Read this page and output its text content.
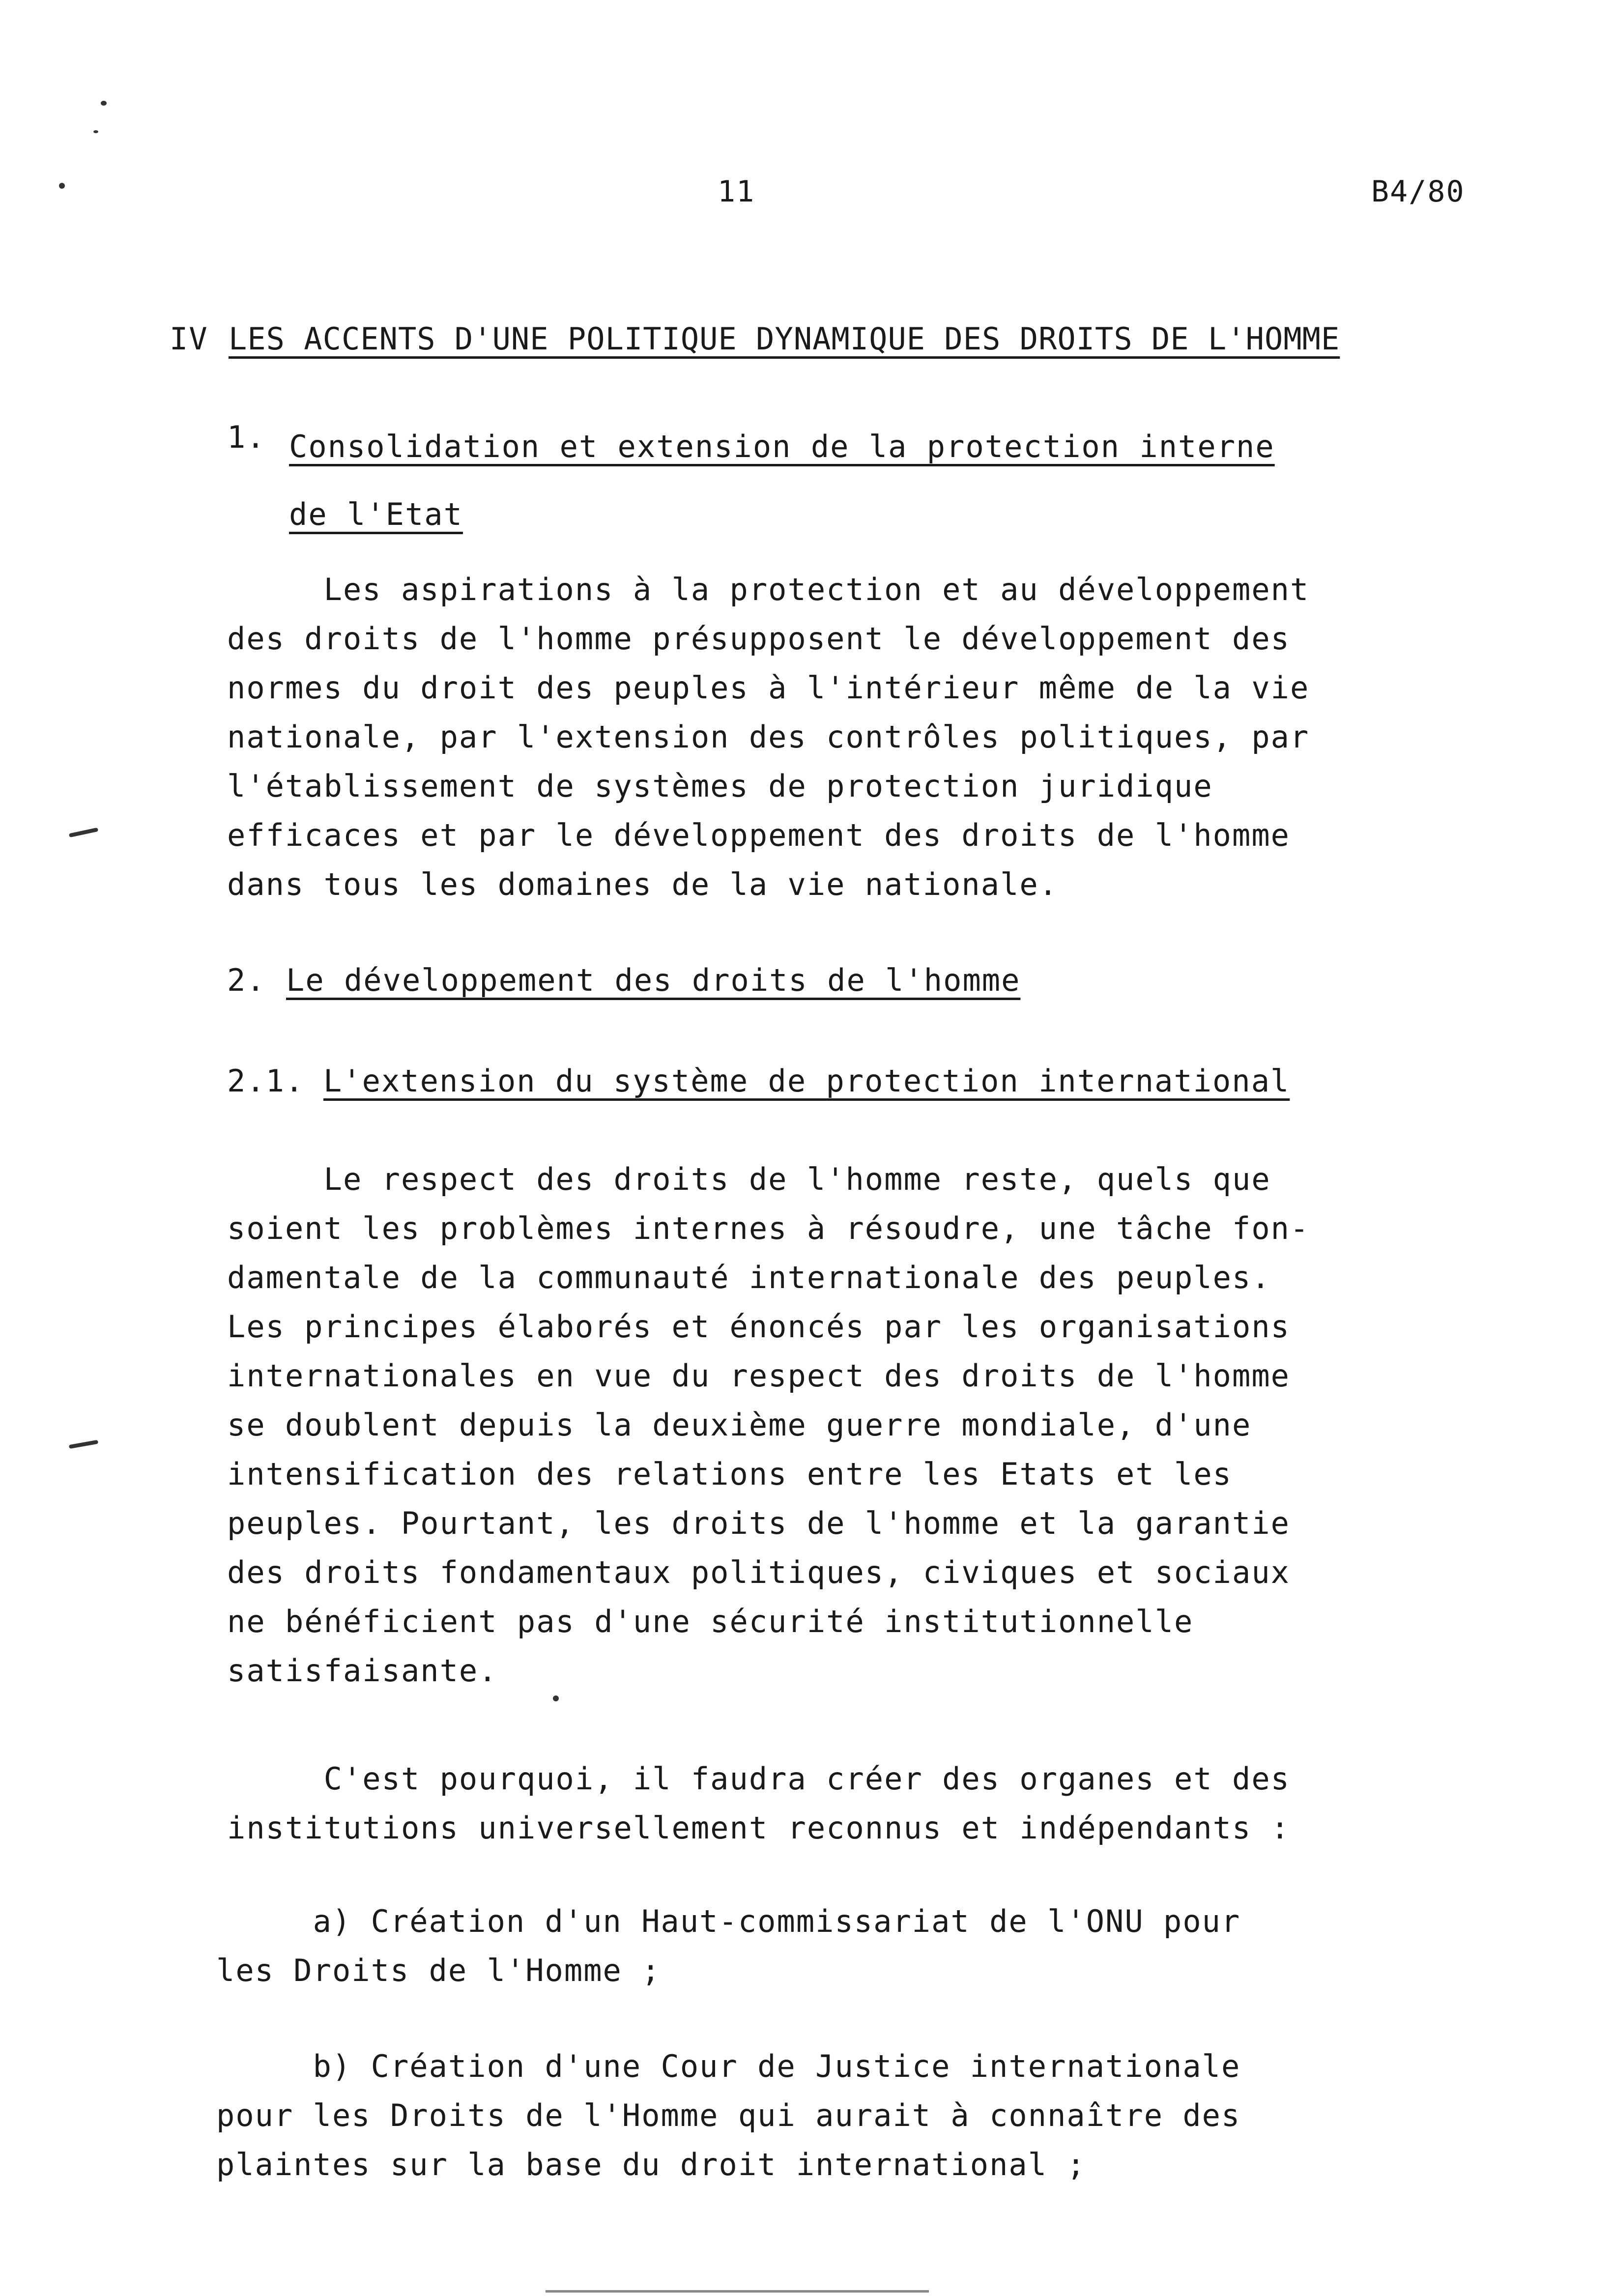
11	B4/80
IV LES ACCENTS D'UNE POLITIQUE DYNAMIQUE DES DROITS DE L'HOMME
1. Consolidation et extension de la protection interne
de l'Etat
Les aspirations à la protection et au développement
des droits de l'homme présupposent le développement des
normes du droit des peuples à l'intérieur même de la vie
nationale, par l'extension des contrôles politiques, par
l'établissement de systèmes de protection juridique
efficaces et par le développement des droits de l'homme
dans tous les domaines de la vie nationale.
2. Le développement des droits de l'homme
2.1. L'extension du système de protection international
Le respect des droits de l'homme reste, quels que
soient les problèmes internes à résoudre, une tâche fon-
damentale de la communauté internationale des peuples.
Les principes élaborés et énoncés par les organisations
internationales en vue du respect des droits de l'homme
se doublent depuis la deuxième guerre mondiale, d'une
intensification des relations entre les Etats et les
peuples. Pourtant, les droits de l'homme et la garantie
des droits fondamentaux politiques, civiques et sociaux
ne bénéficient pas d'une sécurité institutionnelle
satisfaisante.
C'est pourquoi, il faudra créer des organes et des
institutions universellement reconnus et indépendants :
a) Création d'un Haut-commissariat de l'ONU pour
les Droits de l'Homme ;
b) Création d'une Cour de Justice internationale
pour les Droits de l'Homme qui aurait à connaître des
plaintes sur la base du droit international ;
